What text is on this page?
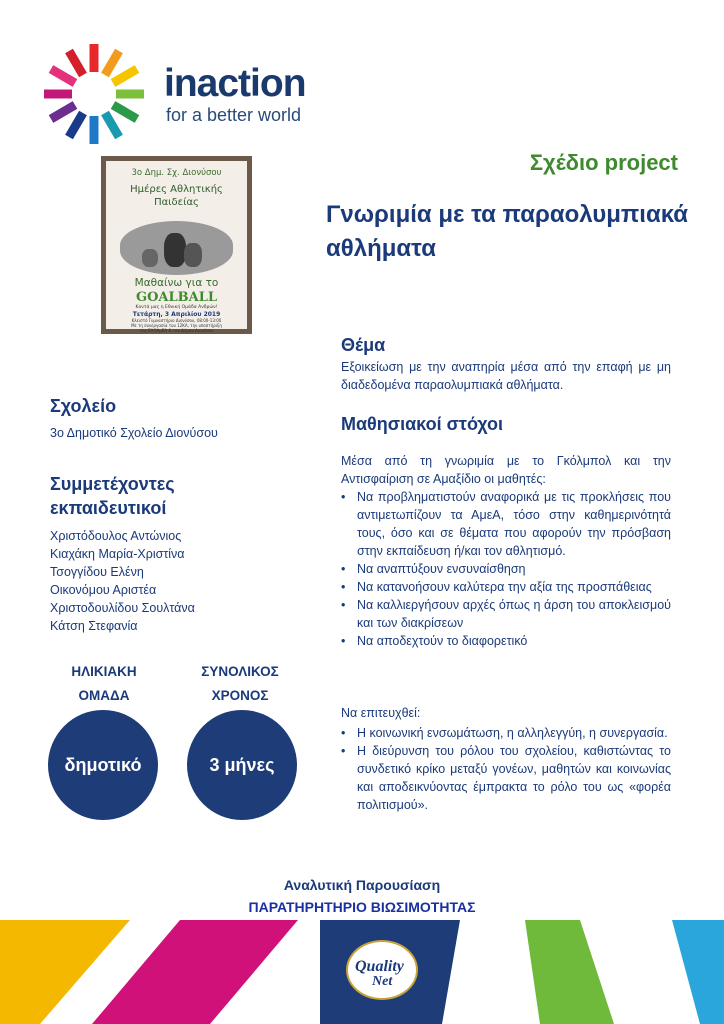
inaction
for a better world
3ο Δημ. Σχ. Διονύσου
Ημέρες Αθλητικής
Παιδείας
Μαθαίνω για το
GOALBALL
Κοντά μας η Εθνική Ομάδα Ανδρών!
Τετάρτη, 3 Απριλίου 2019
Κλειστό Γυμναστήριο Διονύσου, 08:00-13:00
Με τη συνεργασία του 12ΚΑ, την υποστήριξη
της ΕΑΟΑμΕΑ & του Δήμου Διονύσου
Σχέδιο project
Γνωριμία με τα παραολυμπιακά αθλήματα
Θέμα
Εξοικείωση με την αναπηρία μέσα από την επαφή με μη διαδεδομένα παραολυμπιακά αθλήματα.
Μαθησιακοί στόχοι
Μέσα από τη γνωριμία με το Γκόλμπολ και την Αντισφαίριση σε Αμαξίδιο οι μαθητές:
• Να προβληματιστούν αναφορικά με τις προκλήσεις που αντιμετωπίζουν τα ΑμεΑ, τόσο στην καθημερινότητά τους, όσο και σε θέματα που αφορούν την πρόσβαση στην εκπαίδευση ή/και τον αθλητισμό.
• Να αναπτύξουν ενσυναίσθηση
• Να κατανοήσουν καλύτερα την αξία της προσπάθειας
• Να καλλιεργήσουν αρχές όπως η άρση του αποκλεισμού και των διακρίσεων
• Να αποδεχτούν το διαφορετικό
Να επιτευχθεί:
• Η κοινωνική ενσωμάτωση, η αλληλεγγύη, η συνεργασία.
• Η διεύρυνση του ρόλου του σχολείου, καθιστώντας το συνδετικό κρίκο μεταξύ γονέων, μαθητών και κοινωνίας και αποδεικνύοντας έμπρακτα το ρόλο του ως «φορέα πολιτισμού».
Σχολείο
3ο Δημοτικό Σχολείο Διονύσου
Συμμετέχοντες εκπαιδευτικοί
Χριστόδουλος Αντώνιος
Κιαχάκη Μαρία-Χριστίνα
Τσογγίδου Ελένη
Οικονόμου Αριστέα
Χριστοδουλίδου Σουλτάνα
Κάτση Στεφανία
ΗΛΙΚΙΑΚΗ
ΟΜΑΔΑ
ΣΥΝΟΛΙΚΟΣ
ΧΡΟΝΟΣ
δημοτικό	3 μήνες
Αναλυτική Παρουσίαση
ΠΑΡΑΤΗΡΗΤΗΡΙΟ ΒΙΩΣΙΜΟΤΗΤΑΣ
Quality
Net
